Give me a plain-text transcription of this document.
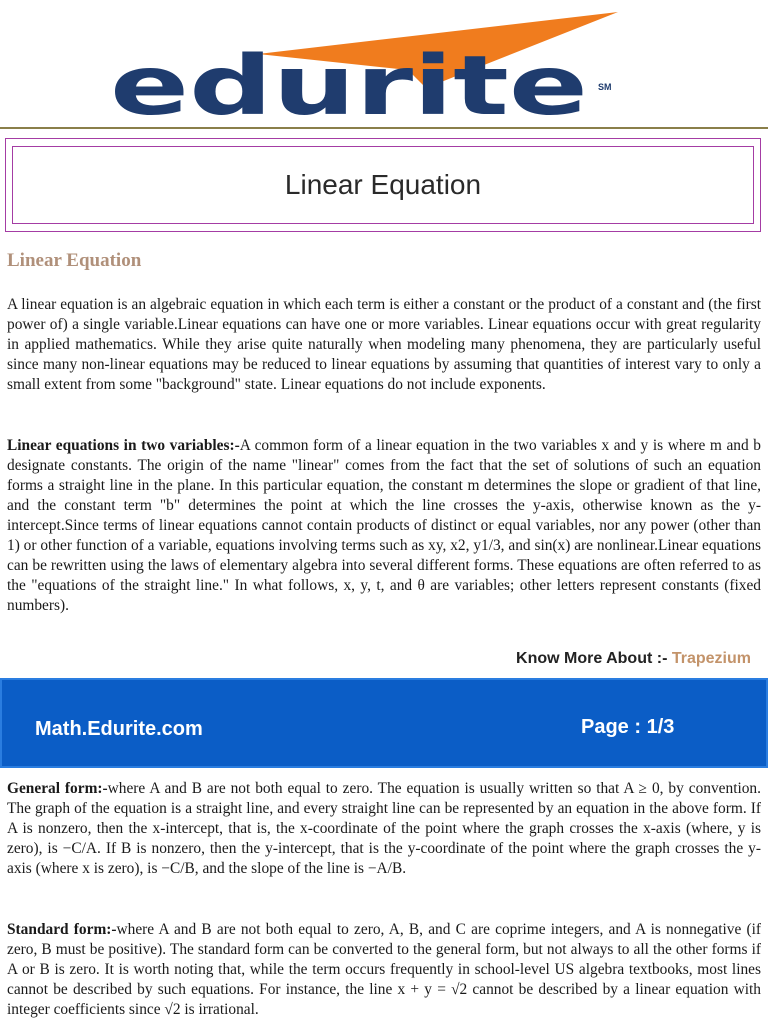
edurite SM
Linear Equation
Linear Equation

A linear equation is an algebraic equation in which each term is either a constant or the product of a constant and (the first power of) a single variable.Linear equations can have one or more variables. Linear equations occur with great regularity in applied mathematics. While they arise quite naturally when modeling many phenomena, they are particularly useful since many non-linear equations may be reduced to linear equations by assuming that quantities of interest vary to only a small extent from some "background" state. Linear equations do not include exponents.

Linear equations in two variables:-A common form of a linear equation in the two variables x and y is where m and b designate constants. The origin of the name "linear" comes from the fact that the set of solutions of such an equation forms a straight line in the plane. In this particular equation, the constant m determines the slope or gradient of that line, and the constant term "b" determines the point at which the line crosses the y-axis, otherwise known as the y-intercept.Since terms of linear equations cannot contain products of distinct or equal variables, nor any power (other than 1) or other function of a variable, equations involving terms such as xy, x2, y1/3, and sin(x) are nonlinear.Linear equations can be rewritten using the laws of elementary algebra into several different forms. These equations are often referred to as the "equations of the straight line." In what follows, x, y, t, and θ are variables; other letters represent constants (fixed numbers).

Know More About :- Trapezium
Math.Edurite.com	Page : 1/3

General form:-where A and B are not both equal to zero. The equation is usually written so that A ≥ 0, by convention. The graph of the equation is a straight line, and every straight line can be represented by an equation in the above form. If A is nonzero, then the x-intercept, that is, the x-coordinate of the point where the graph crosses the x-axis (where, y is zero), is −C/A. If B is nonzero, then the y-intercept, that is the y-coordinate of the point where the graph crosses the y-axis (where x is zero), is −C/B, and the slope of the line is −A/B.

Standard form:-where A and B are not both equal to zero, A, B, and C are coprime integers, and A is nonnegative (if zero, B must be positive). The standard form can be converted to the general form, but not always to all the other forms if A or B is zero. It is worth noting that, while the term occurs frequently in school-level US algebra textbooks, most lines cannot be described by such equations. For instance, the line x + y = √2 cannot be described by a linear equation with integer coefficients since √2 is irrational.
